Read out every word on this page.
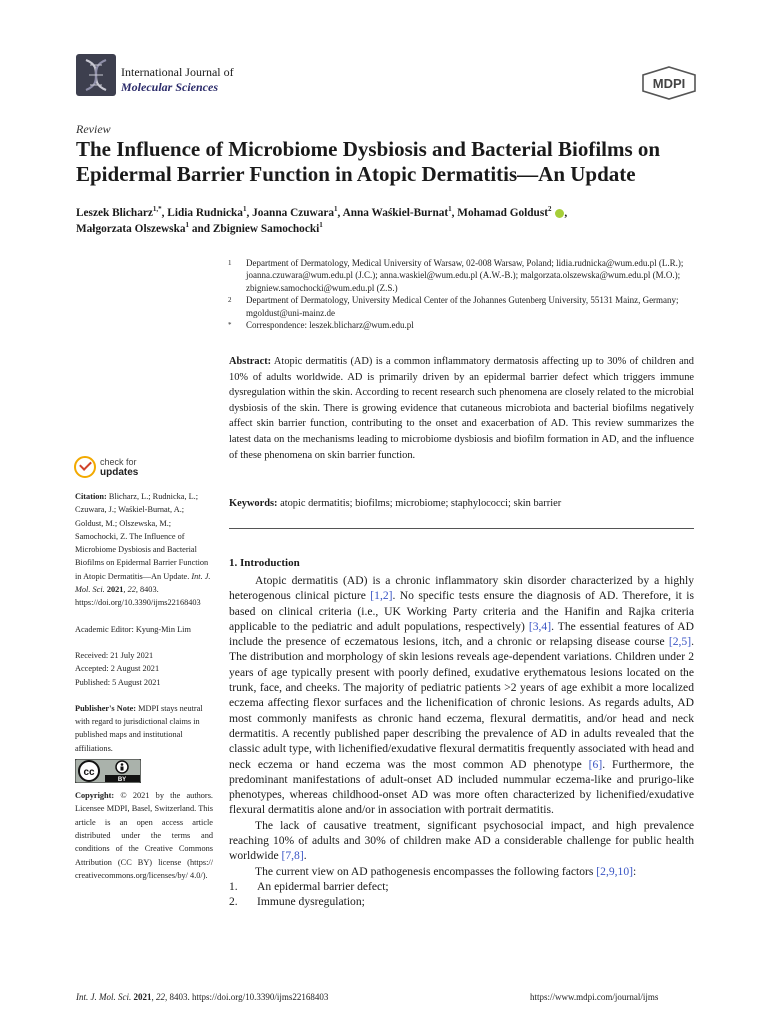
International Journal of
Molecular Sciences	MDPI
Review
The Influence of Microbiome Dysbiosis and Bacterial Biofilms on Epidermal Barrier Function in Atopic Dermatitis—An Update
Leszek Blicharz$^{1,*}$, Lidia Rudnicka$^1$, Joanna Czuwara$^1$, Anna Waśkiel-Burnat$^1$, Mohamad Goldust$^2$ ,
Małgorzata Olszewska$^1$ and Zbigniew Samochocki$^1$
1 Department of Dermatology, Medical University of Warsaw, 02-008 Warsaw, Poland; lidia.rudnicka@wum.edu.pl (L.R.); joanna.czuwara@wum.edu.pl (J.C.); anna.waskiel@wum.edu.pl (A.W.-B.); malgorzata.olszewska@wum.edu.pl (M.O.); zbigniew.samochocki@wum.edu.pl (Z.S.)
2 Department of Dermatology, University Medical Center of the Johannes Gutenberg University, 55131 Mainz, Germany; mgoldust@uni-mainz.de
* Correspondence: leszek.blicharz@wum.edu.pl

Abstract: Atopic dermatitis (AD) is a common inflammatory dermatosis affecting up to 30% of children and 10% of adults worldwide. AD is primarily driven by an epidermal barrier defect which triggers immune dysregulation within the skin. According to recent research such phenomena are closely related to the microbial dysbiosis of the skin. There is growing evidence that cutaneous microbiota and bacterial biofilms negatively affect skin barrier function, contributing to the onset and exacerbation of AD. This review summarizes the latest data on the mechanisms leading to microbiome dysbiosis and biofilm formation in AD, and the influence of these phenomena on skin barrier function.

Keywords: atopic dermatitis; biofilms; microbiome; staphylococci; skin barrier

1. Introduction

Atopic dermatitis (AD) is a chronic inflammatory skin disorder characterized by a highly heterogenous clinical picture [1,2]. No specific tests ensure the diagnosis of AD. Therefore, it is based on clinical criteria (i.e., UK Working Party criteria and the Hanifin and Rajka criteria applicable to the pediatric and adult populations, respectively) [3,4]. The essential features of AD include the presence of eczematous lesions, itch, and a chronic or relapsing disease course [2,5]. The distribution and morphology of skin lesions reveals age-dependent variations. Children under 2 years of age typically present with poorly defined, exudative erythematous lesions located on the trunk, face, and cheeks. The majority of pediatric patients >2 years of age exhibit a more localized eczema affecting flexor surfaces and the lichenification of chronic lesions. As regards adults, AD most commonly manifests as chronic hand eczema, flexural dermatitis, and/or head and neck dermatitis. A recently published paper describing the prevalence of AD in adults revealed that the classic adult type, with lichenified/exudative flexural dermatitis frequently associated with head and neck eczema or hand eczema was the most common AD phenotype [6]. Furthermore, the predominant manifestations of adult-onset AD included nummular eczema-like and prurigo-like phenotypes, whereas childhood-onset AD was more often characterized by lichenified/exudative flexural dermatitis alone and/or in association with portrait dermatitis.

The lack of causative treatment, significant psychosocial impact, and high prevalence reaching 10% of adults and 30% of children make AD a considerable challenge for public health worldwide [7,8].

The current view on AD pathogenesis encompasses the following factors [2,9,10]:

1. An epidermal barrier defect;
2. Immune dysregulation;
check for
updates

Citation: Blicharz, L.; Rudnicka, L.; Czuwara, J.; Waśkiel-Burnat, A.; Goldust, M.; Olszewska, M.; Samochocki, Z. The Influence of Microbiome Dysbiosis and Bacterial Biofilms on Epidermal Barrier Function in Atopic Dermatitis—An Update. Int. J. Mol. Sci. 2021, 22, 8403. https://doi.org/10.3390/ijms22168403

Academic Editor: Kyung-Min Lim

Received: 21 July 2021

Accepted: 2 August 2021

Published: 5 August 2021

Publisher's Note: MDPI stays neutral with regard to jurisdictional claims in published maps and institutional affiliations.

cc
BY

Copyright: © 2021 by the authors. Licensee MDPI, Basel, Switzerland. This article is an open access article distributed under the terms and conditions of the Creative Commons Attribution (CC BY) license (https:// creativecommons.org/licenses/by/ 4.0/).

Int. J. Mol. Sci. 2021, 22, 8403. https://doi.org/10.3390/ijms22168403	https://www.mdpi.com/journal/ijms
